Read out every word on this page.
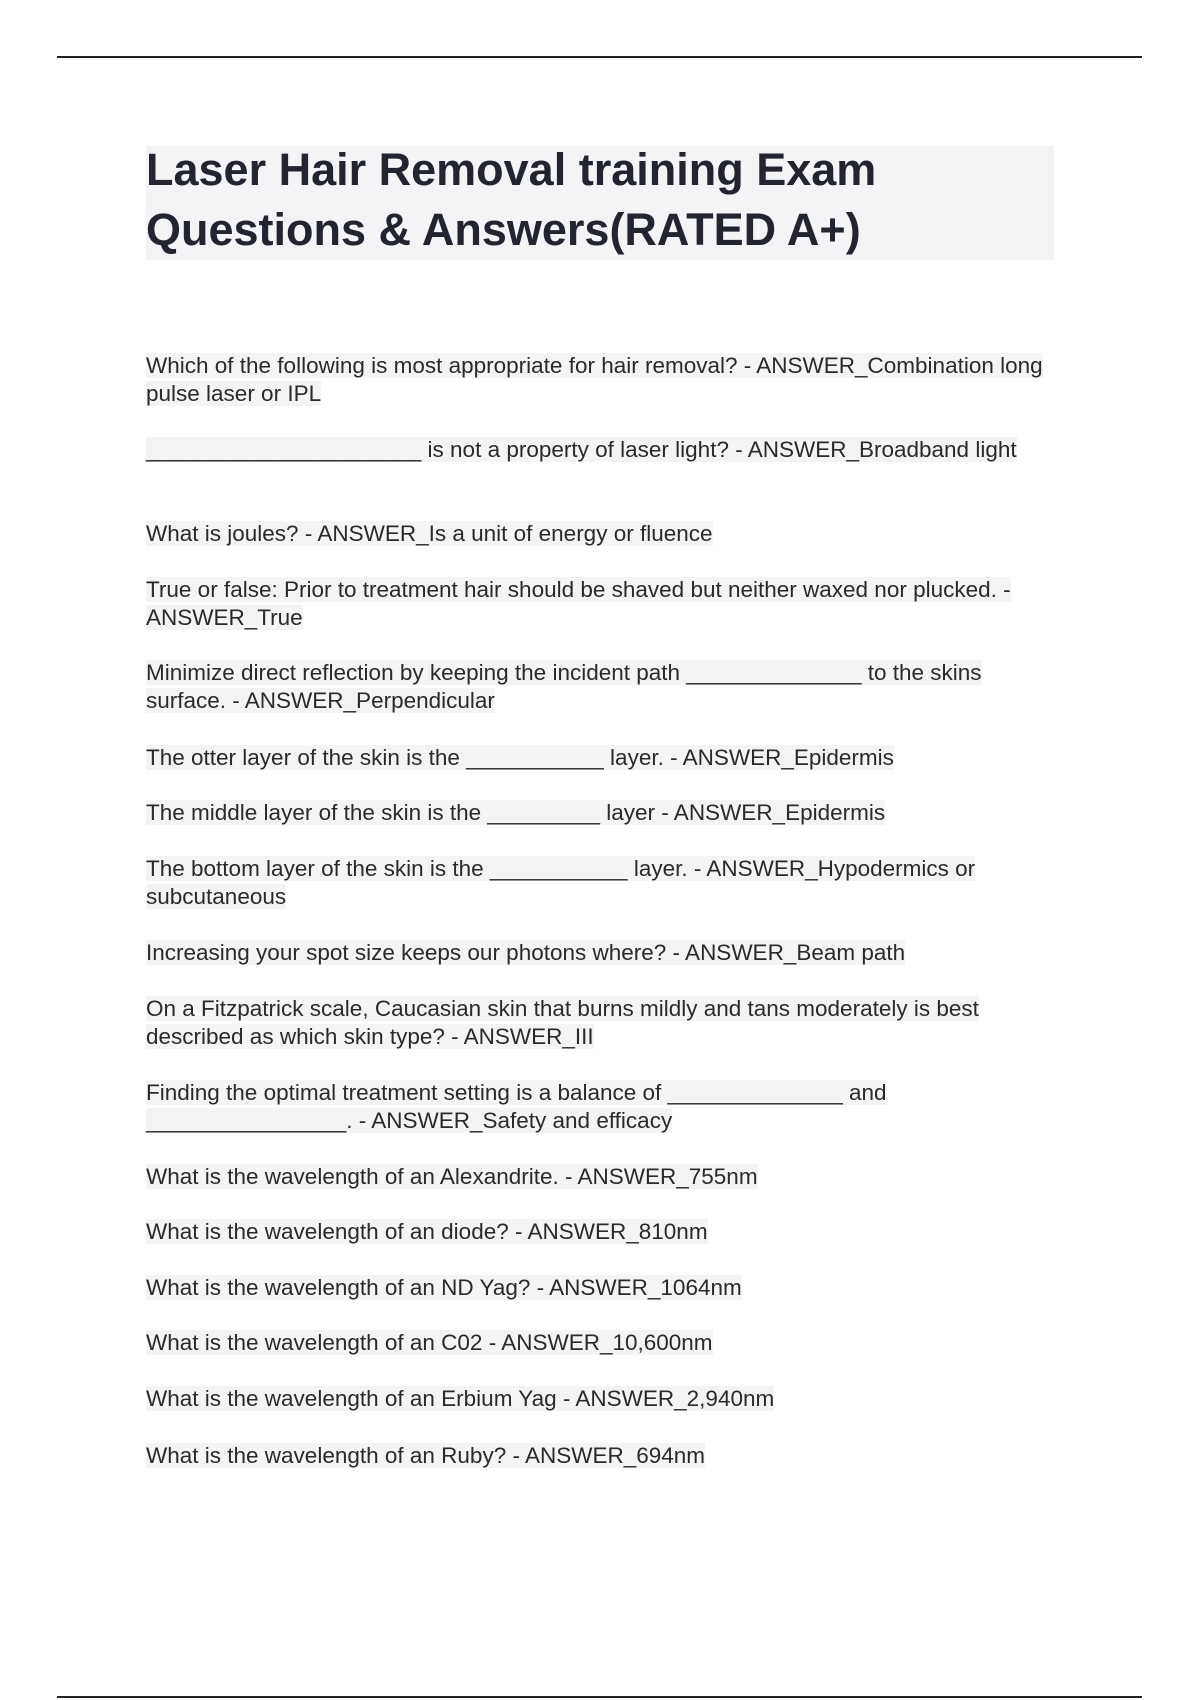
Laser Hair Removal training Exam Questions & Answers(RATED A+)

Which of the following is most appropriate for hair removal? - ANSWER_Combination long pulse laser or IPL

______________________ is not a property of laser light? - ANSWER_Broadband light

What is joules? - ANSWER_Is a unit of energy or fluence

True or false: Prior to treatment hair should be shaved but neither waxed nor plucked. - ANSWER_True

Minimize direct reflection by keeping the incident path ______________ to the skins surface. - ANSWER_Perpendicular

The otter layer of the skin is the ___________ layer. - ANSWER_Epidermis

The middle layer of the skin is the _________ layer - ANSWER_Epidermis

The bottom layer of the skin is the ___________ layer. - ANSWER_Hypodermics or subcutaneous

Increasing your spot size keeps our photons where? - ANSWER_Beam path

On a Fitzpatrick scale, Caucasian skin that burns mildly and tans moderately is best described as which skin type? - ANSWER_III

Finding the optimal treatment setting is a balance of ______________ and ________________. - ANSWER_Safety and efficacy

What is the wavelength of an Alexandrite. - ANSWER_755nm

What is the wavelength of an diode? - ANSWER_810nm

What is the wavelength of an ND Yag? - ANSWER_1064nm

What is the wavelength of an C02 - ANSWER_10,600nm

What is the wavelength of an Erbium Yag - ANSWER_2,940nm

What is the wavelength of an Ruby? - ANSWER_694nm
